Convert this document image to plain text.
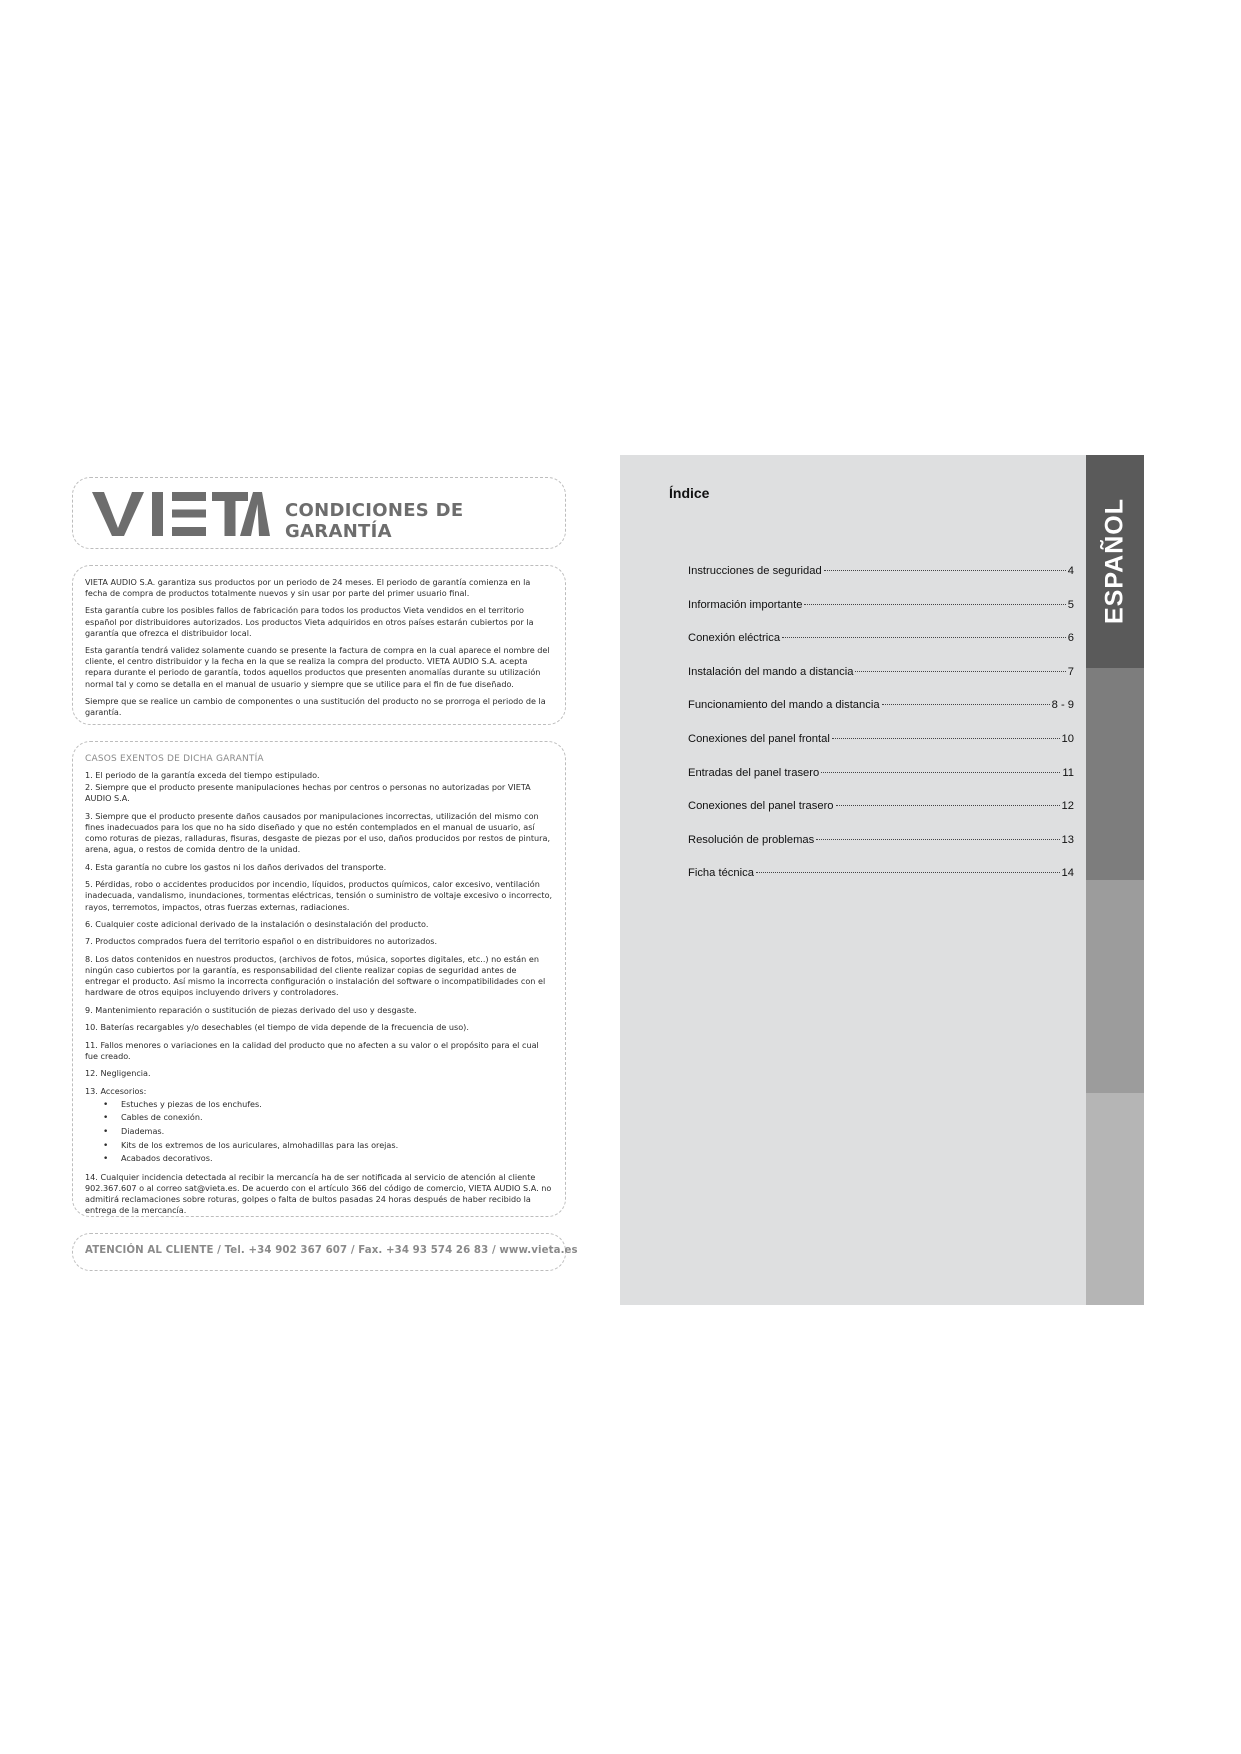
CONDICIONES DE GARANTÍA

VIETA AUDIO S.A. garantiza sus productos por un periodo de 24 meses. El periodo de garantía comienza en la fecha de compra de productos totalmente nuevos y sin usar por parte del primer usuario final.

Esta garantía cubre los posibles fallos de fabricación para todos los productos Vieta vendidos en el territorio español por distribuidores autorizados. Los productos Vieta adquiridos en otros países estarán cubiertos por la garantía que ofrezca el distribuidor local.

Esta garantía tendrá validez solamente cuando se presente la factura de compra en la cual aparece el nombre del cliente, el centro distribuidor y la fecha en la que se realiza la compra del producto. VIETA AUDIO S.A. acepta repara durante el periodo de garantía, todos aquellos productos que presenten anomalías durante su utilización normal tal y como se detalla en el manual de usuario y siempre que se utilice para el fin de fue diseñado.

Siempre que se realice un cambio de componentes o una sustitución del producto no se prorroga el periodo de la garantía.

CASOS EXENTOS DE DICHA GARANTÍA
1. El periodo de la garantía exceda del tiempo estipulado.
2. Siempre que el producto presente manipulaciones hechas por centros o personas no autorizadas por VIETA AUDIO S.A.
3. Siempre que el producto presente daños causados por manipulaciones incorrectas, utilización del mismo con fines inadecuados para los que no ha sido diseñado y que no estén contemplados en el manual de usuario, así como roturas de piezas, ralladuras, fisuras, desgaste de piezas por el uso, daños producidos por restos de pintura, arena, agua, o restos de comida dentro de la unidad.
4. Esta garantía no cubre los gastos ni los daños derivados del transporte.
5. Pérdidas, robo o accidentes producidos por incendio, líquidos, productos químicos, calor excesivo, ventilación inadecuada, vandalismo, inundaciones, tormentas eléctricas, tensión o suministro de voltaje excesivo o incorrecto, rayos, terremotos, impactos, otras fuerzas externas, radiaciones.
6. Cualquier coste adicional derivado de la instalación o desinstalación del producto.
7. Productos comprados fuera del territorio español o en distribuidores no autorizados.
8. Los datos contenidos en nuestros productos, (archivos de fotos, música, soportes digitales, etc..) no están en ningún caso cubiertos por la garantía, es responsabilidad del cliente realizar copias de seguridad antes de entregar el producto. Así mismo la incorrecta configuración o instalación del software o incompatibilidades con el hardware de otros equipos incluyendo drivers y controladores.
9. Mantenimiento reparación o sustitución de piezas derivado del uso y desgaste.
10. Baterías recargables y/o desechables (el tiempo de vida depende de la frecuencia de uso).
11. Fallos menores o variaciones en la calidad del producto que no afecten a su valor o el propósito para el cual fue creado.
12. Negligencia.
13. Accesorios:
• Estuches y piezas de los enchufes.
• Cables de conexión.
• Diademas.
• Kits de los extremos de los auriculares, almohadillas para las orejas.
• Acabados decorativos.
14. Cualquier incidencia detectada al recibir la mercancía ha de ser notificada al servicio de atención al cliente 902.367.607 o al correo sat@vieta.es. De acuerdo con el artículo 366 del código de comercio, VIETA AUDIO S.A. no admitirá reclamaciones sobre roturas, golpes o falta de bultos pasadas 24 horas después de haber recibido la entrega de la mercancía.
ATENCIÓN AL CLIENTE / Tel. +34 902 367 607 / Fax. +34 93 574 26 83 / www.vieta.es
Índice
Instrucciones de seguridad	4
Información importante	5
Conexión eléctrica	6
Instalación del mando a distancia	7
Funcionamiento del mando a distancia	8 - 9
Conexiones del panel frontal	10
Entradas del panel trasero	11
Conexiones del panel trasero	12
Resolución de problemas	13
Ficha técnica	14
ESPAÑOL
